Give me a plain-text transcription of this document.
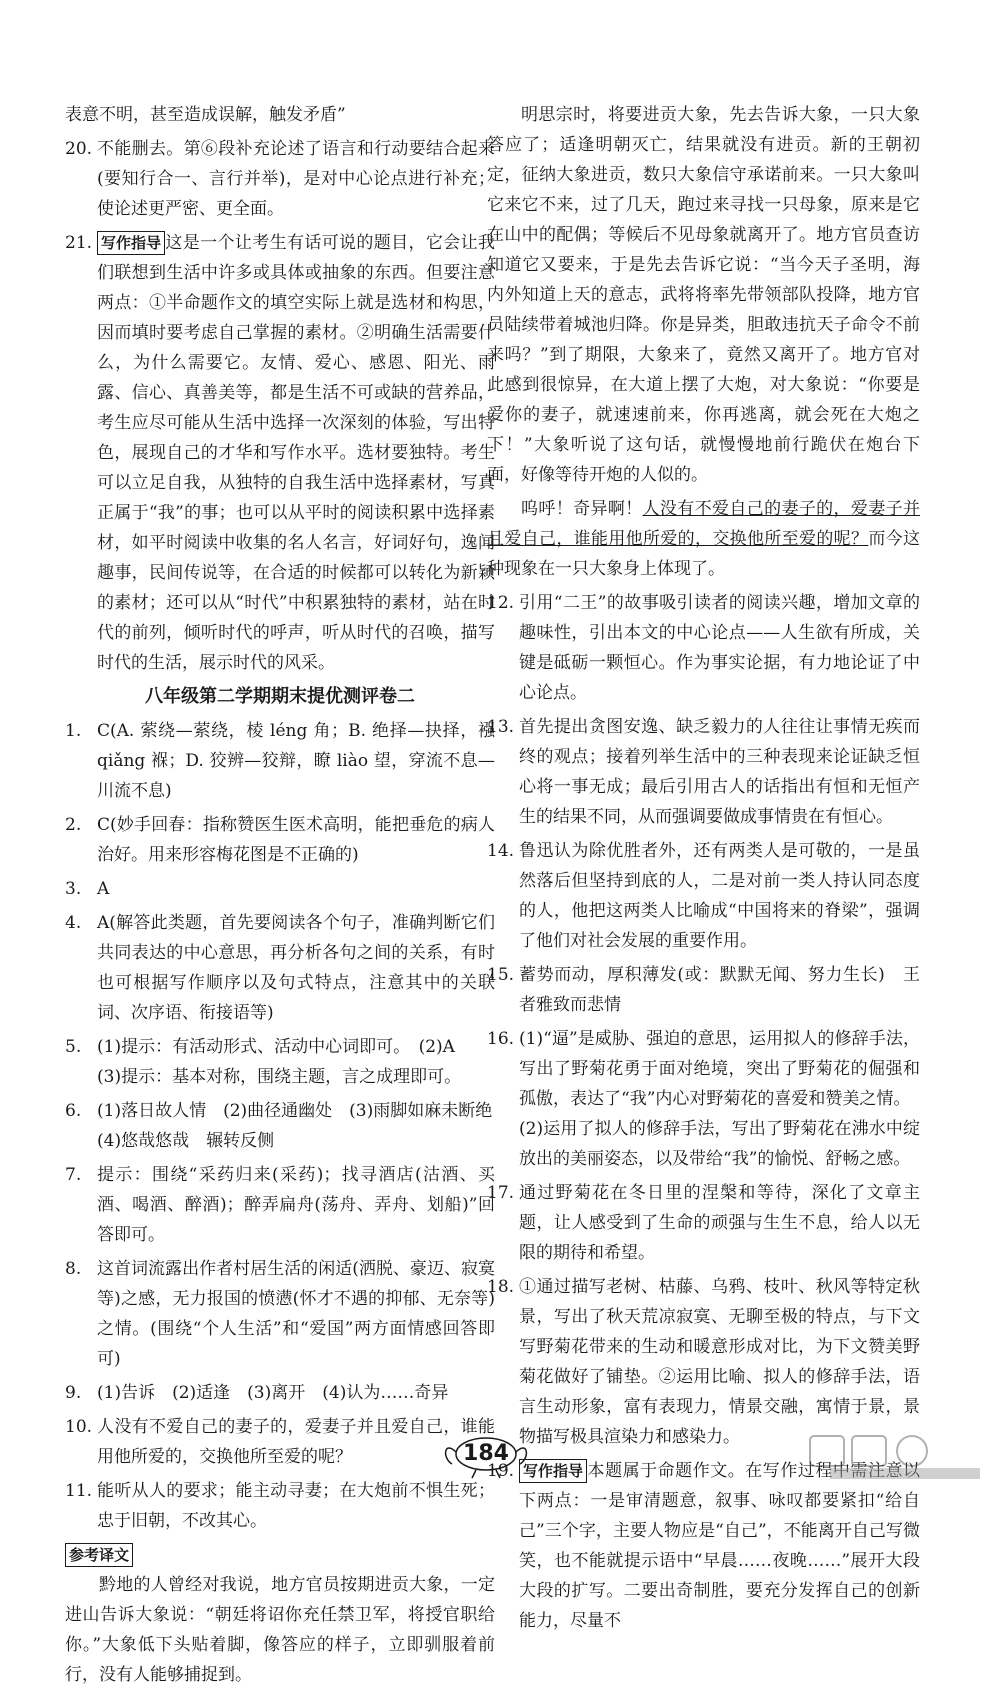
表意不明，甚至造成误解，触发矛盾”

20. 不能删去。第⑥段补充论述了语言和行动要结合起来(要知行合一、言行并举)，是对中心论点进行补充；使论述更严密、更全面。
21. 写作指导 这是一个让考生有话可说的题目，它会让我们联想到生活中许多或具体或抽象的东西。但要注意两点：①半命题作文的填空实际上就是选材和构思，因而填时要考虑自己掌握的素材。②明确生活需要什么，为什么需要它。友情、爱心、感恩、阳光、雨露、信心、真善美等，都是生活不可或缺的营养品，考生应尽可能从生活中选择一次深刻的体验，写出特色，展现自己的才华和写作水平。选材要独特。考生可以立足自我，从独特的自我生活中选择素材，写真正属于“我”的事；也可以从平时的阅读积累中选择素材，如平时阅读中收集的名人名言，好词好句，逸闻趣事，民间传说等，在合适的时候都可以转化为新颖的素材；还可以从“时代”中积累独特的素材，站在时代的前列，倾听时代的呼声，听从时代的召唤，描写时代的生活，展示时代的风采。
八年级第二学期期末提优测评卷二
1. C(A. 萦绕—萦绕，棱 léng 角；B. 绝择—抉择，襁 qiǎng 褓；D. 狡辨—狡辩，瞭 liào 望，穿流不息—川流不息)
2. C(妙手回春：指称赞医生医术高明，能把垂危的病人治好。用来形容梅花图是不正确的)
3. A
4. A(解答此类题，首先要阅读各个句子，准确判断它们共同表达的中心意思，再分析各句之间的关系，有时也可根据写作顺序以及句式特点，注意其中的关联词、次序语、衔接语等)
5. (1)提示：有活动形式、活动中心词即可。　(2)A
(3)提示：基本对称，围绕主题，言之成理即可。
6. (1)落日故人情　(2)曲径通幽处　(3)雨脚如麻未断绝
(4)悠哉悠哉　辗转反侧
7. 提示：围绕“采药归来(采药)；找寻酒店(沽酒、买酒、喝酒、醉酒)；醉弄扁舟(荡舟、弄舟、划船)”回答即可。
8. 这首词流露出作者村居生活的闲适(洒脱、豪迈、寂寞等)之感，无力报国的愤懑(怀才不遇的抑郁、无奈等)之情。(围绕“个人生活”和“爱国”两方面情感回答即可)
9. (1)告诉　(2)适逢　(3)离开　(4)认为……奇异
10. 人没有不爱自己的妻子的，爱妻子并且爱自己，谁能用他所爱的，交换他所至爱的呢？
11. 能听从人的要求；能主动寻妻；在大炮前不惧生死；忠于旧朝，不改其心。
参考译文

黔地的人曾经对我说，地方官员按期进贡大象，一定进山告诉大象说：“朝廷将诏你充任禁卫军，将授官职给你。”大象低下头贴着脚，像答应的样子，立即驯服着前行，没有人能够捕捉到。

明思宗时，将要进贡大象，先去告诉大象，一只大象答应了；适逢明朝灭亡，结果就没有进贡。新的王朝初定，征纳大象进贡，数只大象信守承诺前来。一只大象叫它来它不来，过了几天，跑过来寻找一只母象，原来是它在山中的配偶；等候后不见母象就离开了。地方官员查访知道它又要来，于是先去告诉它说：“当今天子圣明，海内外知道上天的意志，武将将率先带领部队投降，地方官员陆续带着城池归降。你是异类，胆敢违抗天子命令不前来吗？”到了期限，大象来了，竟然又离开了。地方官对此感到很惊异，在大道上摆了大炮，对大象说：“你要是爱你的妻子，就速速前来，你再逃离，就会死在大炮之下！”大象听说了这句话，就慢慢地前行跪伏在炮台下面，好像等待开炮的人似的。

呜呼！奇异啊！人没有不爱自己的妻子的，爱妻子并且爱自己，谁能用他所爱的，交换他所至爱的呢？而今这种现象在一只大象身上体现了。

12. 引用“二王”的故事吸引读者的阅读兴趣，增加文章的趣味性，引出本文的中心论点——人生欲有所成，关键是砥砺一颗恒心。作为事实论据，有力地论证了中心论点。
13. 首先提出贪图安逸、缺乏毅力的人往往让事情无疾而终的观点；接着列举生活中的三种表现来论证缺乏恒心将一事无成；最后引用古人的话指出有恒和无恒产生的结果不同，从而强调要做成事情贵在有恒心。
14. 鲁迅认为除优胜者外，还有两类人是可敬的，一是虽然落后但坚持到底的人，二是对前一类人持认同态度的人，他把这两类人比喻成“中国将来的脊梁”，强调了他们对社会发展的重要作用。
15. 蓄势而动，厚积薄发(或：默默无闻、努力生长)　王者雅致而悲情
16. (1)“逼”是威胁、强迫的意思，运用拟人的修辞手法，写出了野菊花勇于面对绝境，突出了野菊花的倔强和孤傲，表达了“我”内心对野菊花的喜爱和赞美之情。
(2)运用了拟人的修辞手法，写出了野菊花在沸水中绽放出的美丽姿态，以及带给“我”的愉悦、舒畅之感。
17. 通过野菊花在冬日里的涅槃和等待，深化了文章主题，让人感受到了生命的顽强与生生不息，给人以无限的期待和希望。
18. ①通过描写老树、枯藤、乌鸦、枝叶、秋风等特定秋景，写出了秋天荒凉寂寞、无聊至极的特点，与下文写野菊花带来的生动和暖意形成对比，为下文赞美野菊花做好了铺垫。②运用比喻、拟人的修辞手法，语言生动形象，富有表现力，情景交融，寓情于景，景物描写极具渲染力和感染力。
19. 写作指导 本题属于命题作文。在写作过程中需注意以下两点：一是审清题意，叙事、咏叹都要紧扣“给自己”三个字，主要人物应是“自己”，不能离开自己写微笑，也不能就提示语中“早晨……夜晚……”展开大段大段的扩写。二要出奇制胜，要充分发挥自己的创新能力，尽量不
184
